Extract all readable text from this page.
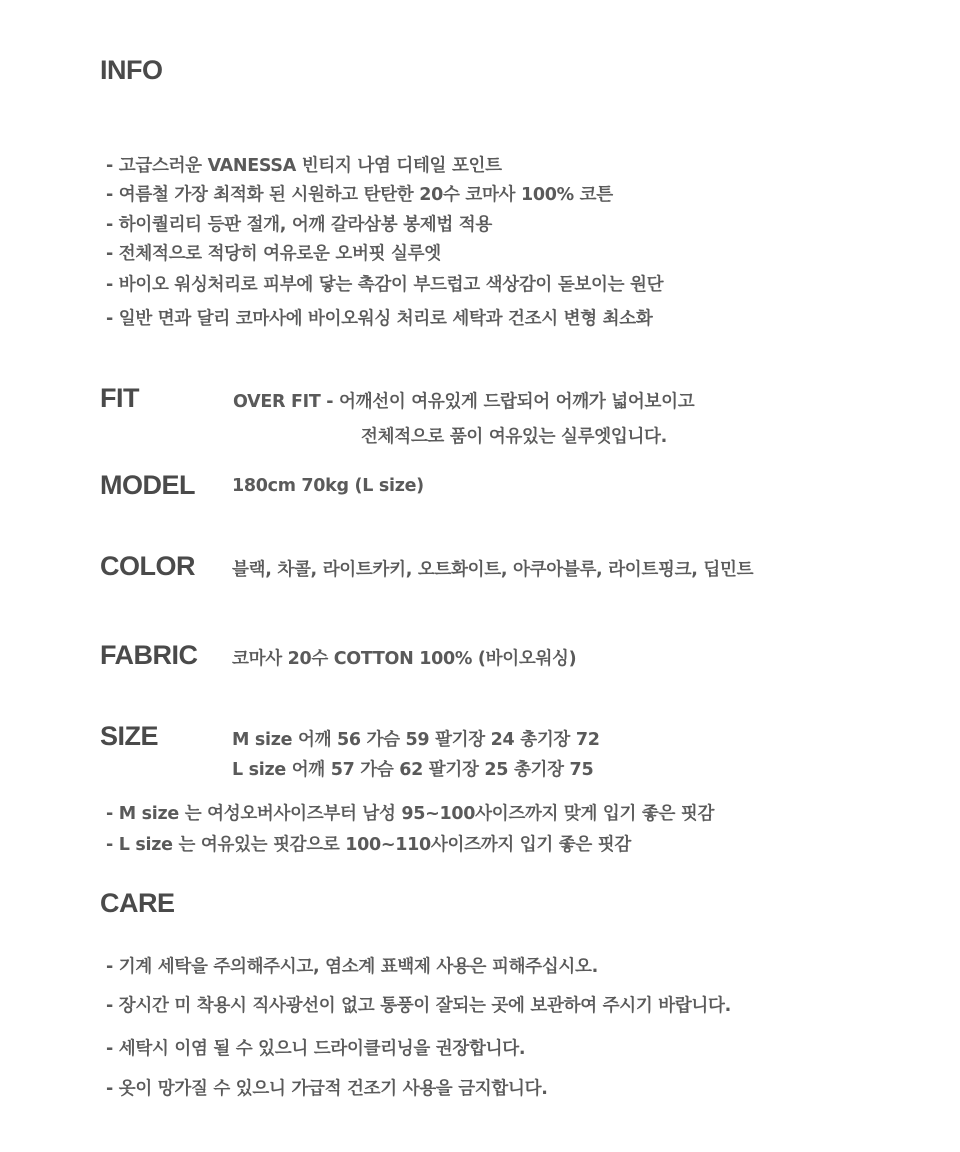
INFO

- 고급스러운 VANESSA 빈티지 나염 디테일 포인트

- 여름철 가장 최적화 된 시원하고 탄탄한 20수 코마사 100% 코튼

- 하이퀄리티 등판 절개, 어깨 갈라삼봉 봉제법 적용

- 전체적으로 적당히 여유로운 오버핏 실루엣

- 바이오 워싱처리로 피부에 닿는 촉감이 부드럽고 색상감이 돋보이는 원단

- 일반 면과 달리 코마사에 바이오워싱 처리로 세탁과 건조시 변형 최소화

FIT	OVER FIT - 어깨선이 여유있게 드랍되어 어깨가 넓어보이고

전체적으로 품이 여유있는 실루엣입니다.

MODEL 180cm 70kg (L size)

COLOR 블랙, 차콜, 라이트카키, 오트화이트, 아쿠아블루, 라이트핑크, 딥민트

FABRIC 코마사 20수 COTTON 100% (바이오워싱)

SIZE	M size 어깨 56 가슴 59 팔기장 24 총기장 72

L size 어깨 57 가슴 62 팔기장 25 총기장 75

- M size 는 여성오버사이즈부터 남성 95~100사이즈까지 맞게 입기 좋은 핏감

- L size 는 여유있는 핏감으로 100~110사이즈까지 입기 좋은 핏감

CARE

- 기계 세탁을 주의해주시고, 염소계 표백제 사용은 피해주십시오.

- 장시간 미 착용시 직사광선이 없고 통풍이 잘되는 곳에 보관하여 주시기 바랍니다.

- 세탁시 이염 될 수 있으니 드라이클리닝을 권장합니다.

- 옷이 망가질 수 있으니 가급적 건조기 사용을 금지합니다.
